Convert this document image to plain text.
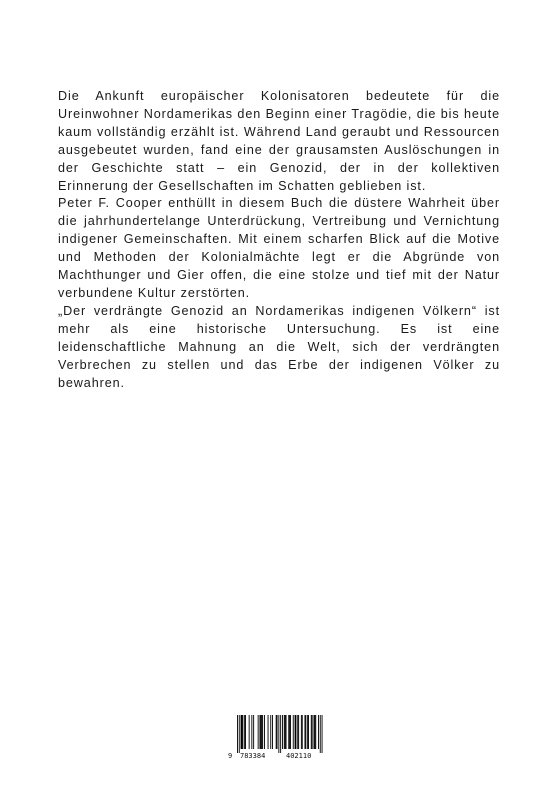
Die Ankunft europäischer Kolonisatoren bedeutete für die Ureinwohner Nordamerikas den Beginn einer Tragödie, die bis heute kaum vollständig erzählt ist. Während Land geraubt und Ressourcen ausgebeutet wurden, fand eine der grausamsten Auslöschungen in der Geschichte statt – ein Genozid, der in der kollektiven Erinnerung der Gesellschaften im Schatten geblieben ist.

Peter F. Cooper enthüllt in diesem Buch die düstere Wahrheit über die jahrhundertelange Unterdrückung, Vertreibung und Vernichtung indigener Gemeinschaften. Mit einem scharfen Blick auf die Motive und Methoden der Kolonialmächte legt er die Abgründe von Machthunger und Gier offen, die eine stolze und tief mit der Natur verbundene Kultur zerstörten.

„Der verdrängte Genozid an Nordamerikas indigenen Völkern“ ist mehr als eine historische Untersuchung. Es ist eine leidenschaftliche Mahnung an die Welt, sich der verdrängten Verbrechen zu stellen und das Erbe der indigenen Völker zu bewahren.

9 783384	402110
